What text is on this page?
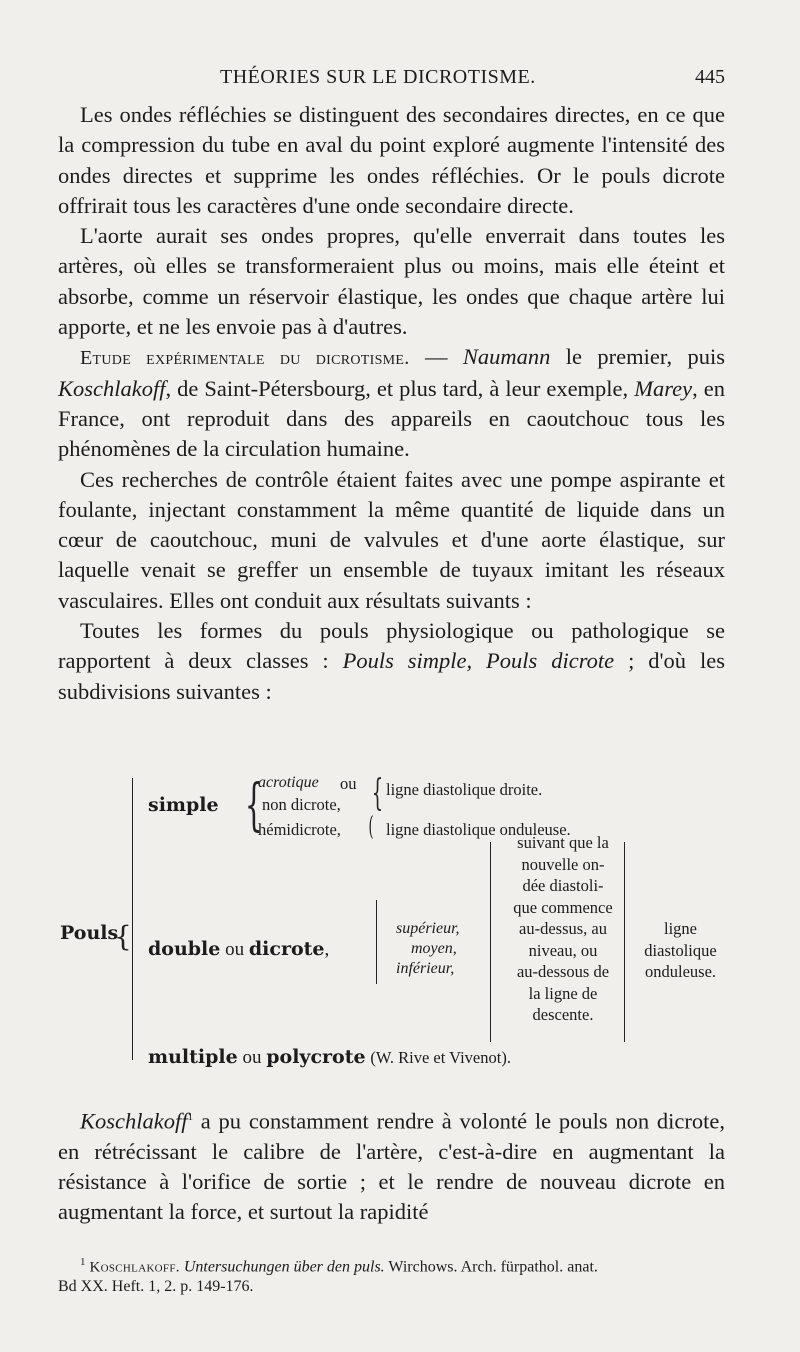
THÉORIES SUR LE DICROTISME.	445

Les ondes réfléchies se distinguent des secondaires directes, en ce que la compression du tube en aval du point exploré augmente l'intensité des ondes directes et supprime les ondes réfléchies. Or le pouls dicrote offrirait tous les caractères d'une onde secondaire directe.

L'aorte aurait ses ondes propres, qu'elle enverrait dans toutes les artères, où elles se transformeraient plus ou moins, mais elle éteint et absorbe, comme un réservoir élastique, les ondes que chaque artère lui apporte, et ne les envoie pas à d'autres.

Etude expérimentale du dicrotisme. — Naumann le premier, puis Koschlakoff, de Saint-Pétersbourg, et plus tard, à leur exemple, Marey, en France, ont reproduit dans des appareils en caoutchouc tous les phénomènes de la circulation humaine.

Ces recherches de contrôle étaient faites avec une pompe aspirante et foulante, injectant constamment la même quantité de liquide dans un cœur de caoutchouc, muni de valvules et d'une aorte élastique, sur laquelle venait se greffer un ensemble de tuyaux imitant les réseaux vasculaires. Elles ont conduit aux résultats suivants :

Toutes les formes du pouls physiologique ou pathologique se rapportent à deux classes : Pouls simple, Pouls dicrote ; d'où les subdivisions suivantes :

Pouls
{
simple {
acrotique ou
non dicrote,
hémidicrote,
{ ligne diastolique droite.
( ligne diastolique onduleuse.
double ou dicrote,
supérieur,
moyen,
inférieur,
suivant que la
nouvelle on-
dée diastoli-
que commence
au-dessus, au
niveau, ou
au-dessous de
la ligne de
descente.
ligne
diastolique
onduleuse.
multiple ou polycrote (W. Rive et Vivenot).

Koschlakoff$^1$ a pu constamment rendre à volonté le pouls non dicrote, en rétrécissant le calibre de l'artère, c'est-à-dire en augmentant la résistance à l'orifice de sortie ; et le rendre de nouveau dicrote en augmentant la force, et surtout la rapidité

$^1$ Koschlakoff. Untersuchungen über den puls. Wirchows. Arch. fürpathol. anat.
Bd XX. Heft. 1, 2. p. 149-176.
